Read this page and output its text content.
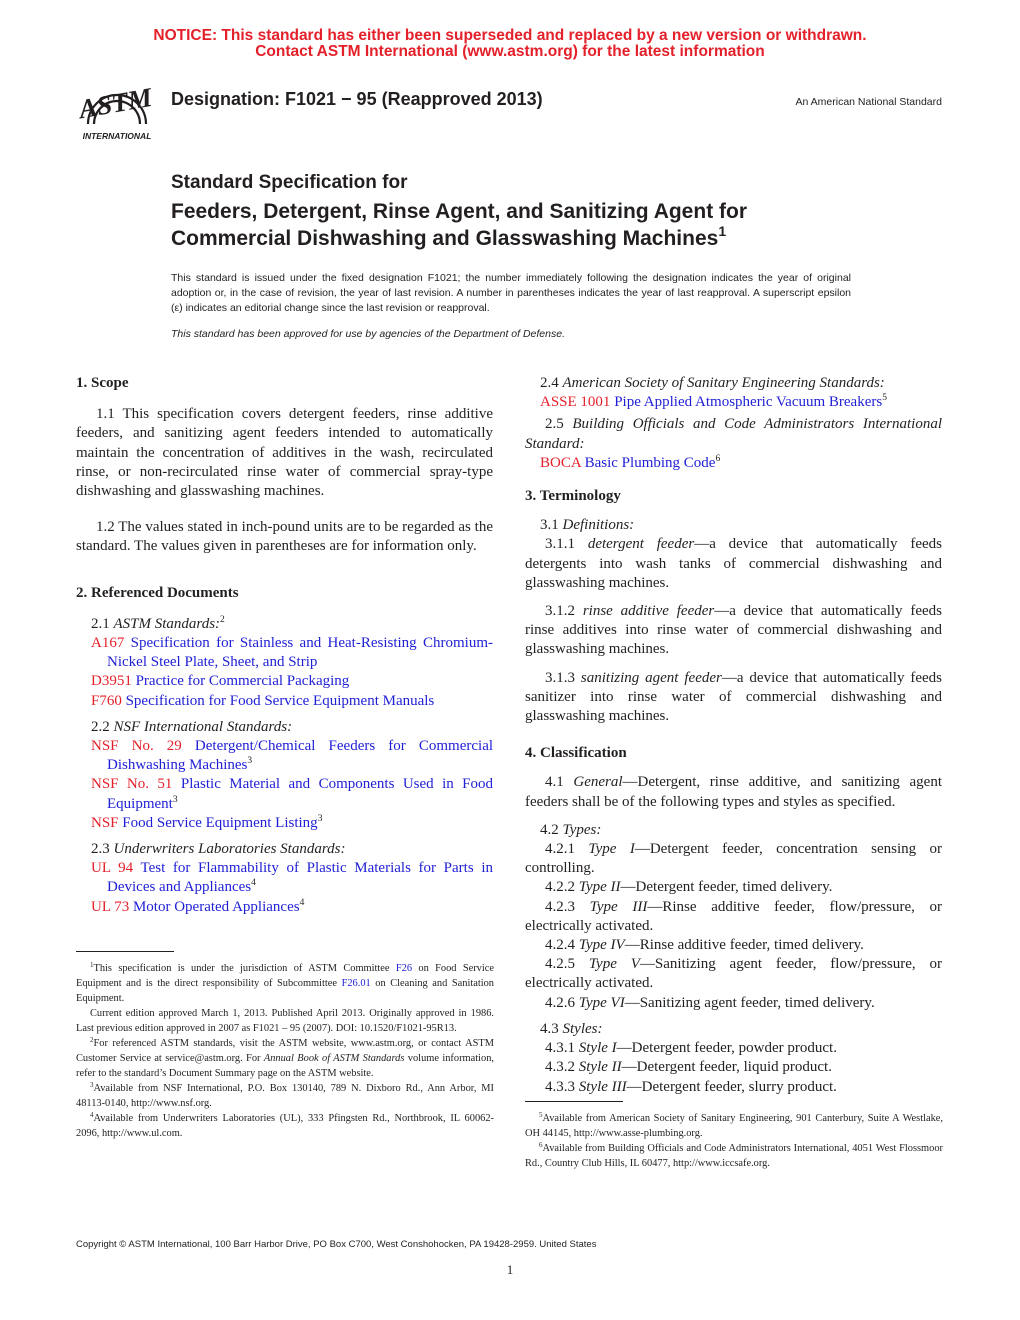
NOTICE: This standard has either been superseded and replaced by a new version or withdrawn.
Contact ASTM International (www.astm.org) for the latest information
ASTM
INTERNATIONAL
Designation: F1021 − 95 (Reapproved 2013)	An American National Standard
Standard Specification for
Feeders, Detergent, Rinse Agent, and Sanitizing Agent for
Commercial Dishwashing and Glasswashing Machines$^1$
This standard is issued under the fixed designation F1021; the number immediately following the designation indicates the year of original adoption or, in the case of revision, the year of last revision. A number in parentheses indicates the year of last reapproval. A superscript epsilon (ε) indicates an editorial change since the last revision or reapproval.
This standard has been approved for use by agencies of the Department of Defense.
1. Scope
1.1 This specification covers detergent feeders, rinse additive feeders, and sanitizing agent feeders intended to automatically maintain the concentration of additives in the wash, recirculated rinse, or non-recirculated rinse water of commercial spray-type dishwashing and glasswashing machines.
1.2 The values stated in inch-pound units are to be regarded as the standard. The values given in parentheses are for information only.
2. Referenced Documents
2.1 ASTM Standards:$^2$
A167 Specification for Stainless and Heat-Resisting Chromium-Nickel Steel Plate, Sheet, and Strip
D3951 Practice for Commercial Packaging
F760 Specification for Food Service Equipment Manuals
2.2 NSF International Standards:
NSF No. 29 Detergent/Chemical Feeders for Commercial Dishwashing Machines$^3$
NSF No. 51 Plastic Material and Components Used in Food Equipment$^3$
NSF Food Service Equipment Listing$^3$
2.3 Underwriters Laboratories Standards:
UL 94 Test for Flammability of Plastic Materials for Parts in Devices and Appliances$^4$
UL 73 Motor Operated Appliances$^4$
2.4 American Society of Sanitary Engineering Standards:
ASSE 1001 Pipe Applied Atmospheric Vacuum Breakers$^5$
2.5 Building Officials and Code Administrators International Standard:
BOCA Basic Plumbing Code$^6$
3. Terminology
3.1 Definitions:
3.1.1 detergent feeder—a device that automatically feeds detergents into wash tanks of commercial dishwashing and glasswashing machines.
3.1.2 rinse additive feeder—a device that automatically feeds rinse additives into rinse water of commercial dishwashing and glasswashing machines.
3.1.3 sanitizing agent feeder—a device that automatically feeds sanitizer into rinse water of commercial dishwashing and glasswashing machines.
4. Classification
4.1 General—Detergent, rinse additive, and sanitizing agent feeders shall be of the following types and styles as specified.
4.2 Types:
4.2.1 Type I—Detergent feeder, concentration sensing or controlling.
4.2.2 Type II—Detergent feeder, timed delivery.
4.2.3 Type III—Rinse additive feeder, flow/pressure, or electrically activated.
4.2.4 Type IV—Rinse additive feeder, timed delivery.
4.2.5 Type V—Sanitizing agent feeder, flow/pressure, or electrically activated.
4.2.6 Type VI—Sanitizing agent feeder, timed delivery.
4.3 Styles:
4.3.1 Style I—Detergent feeder, powder product.
4.3.2 Style II—Detergent feeder, liquid product.
4.3.3 Style III—Detergent feeder, slurry product.

$^1$This specification is under the jurisdiction of ASTM Committee F26 on Food Service Equipment and is the direct responsibility of Subcommittee F26.01 on Cleaning and Sanitation Equipment.

Current edition approved March 1, 2013. Published April 2013. Originally approved in 1986. Last previous edition approved in 2007 as F1021 – 95 (2007). DOI: 10.1520/F1021-95R13.

$^2$For referenced ASTM standards, visit the ASTM website, www.astm.org, or contact ASTM Customer Service at service@astm.org. For Annual Book of ASTM Standards volume information, refer to the standard’s Document Summary page on the ASTM website.

$^3$Available from NSF International, P.O. Box 130140, 789 N. Dixboro Rd., Ann Arbor, MI 48113-0140, http://www.nsf.org.

$^4$Available from Underwriters Laboratories (UL), 333 Pfingsten Rd., Northbrook, IL 60062-2096, http://www.ul.com.

$^5$Available from American Society of Sanitary Engineering, 901 Canterbury, Suite A Westlake, OH 44145, http://www.asse-plumbing.org.

$^6$Available from Building Officials and Code Administrators International, 4051 West Flossmoor Rd., Country Club Hills, IL 60477, http://www.iccsafe.org.

Copyright © ASTM International, 100 Barr Harbor Drive, PO Box C700, West Conshohocken, PA 19428-2959. United States
1
